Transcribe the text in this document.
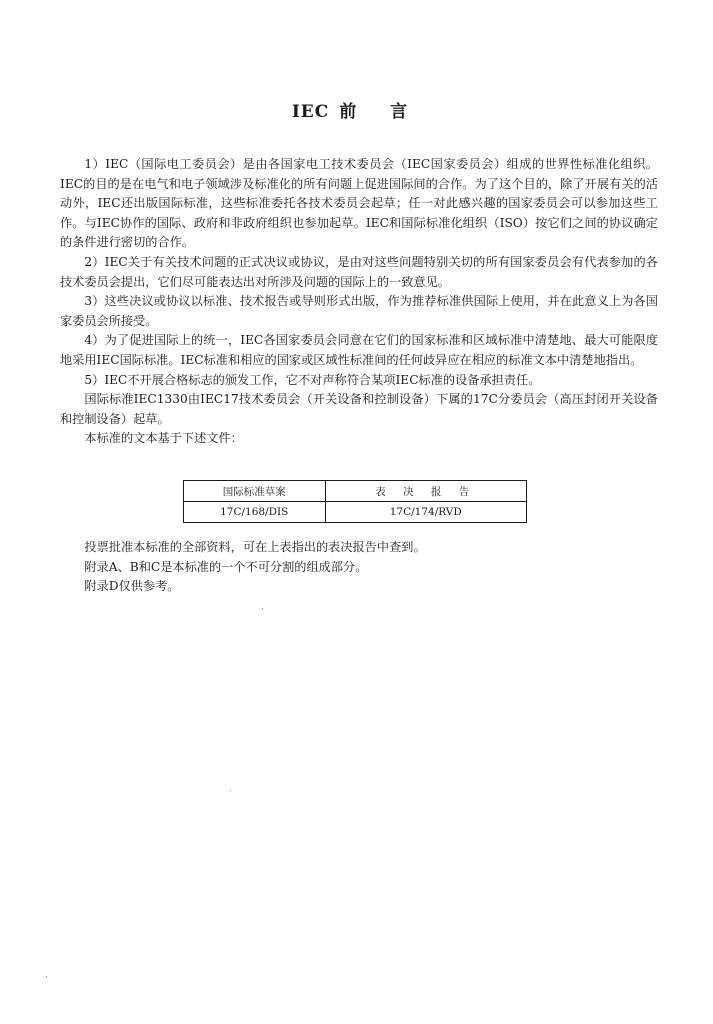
IEC 前 言

1）IEC（国际电工委员会）是由各国家电工技术委员会（IEC国家委员会）组成的世界性标准化组织。IEC的目的是在电气和电子领域涉及标准化的所有问题上促进国际间的合作。为了这个目的，除了开展有关的活动外，IEC还出版国际标准，这些标准委托各技术委员会起草；任一对此感兴趣的国家委员会可以参加这些工作。与IEC协作的国际、政府和非政府组织也参加起草。IEC和国际标准化组织（ISO）按它们之间的协议确定的条件进行密切的合作。

2）IEC关于有关技术问题的正式决议或协议，是由对这些问题特别关切的所有国家委员会有代表参加的各技术委员会提出，它们尽可能表达出对所涉及问题的国际上的一致意见。

3）这些决议或协议以标准、技术报告或导则形式出版，作为推荐标准供国际上使用，并在此意义上为各国家委员会所接受。

4）为了促进国际上的统一，IEC各国家委员会同意在它们的国家标准和区域标准中清楚地、最大可能限度地采用IEC国际标准。IEC标准和相应的国家或区域性标准间的任何歧异应在相应的标准文本中清楚地指出。

5）IEC不开展合格标志的颁发工作，它不对声称符合某项IEC标准的设备承担责任。

国际标准IEC1330由IEC17技术委员会（开关设备和控制设备）下属的17C分委员会（高压封闭开关设备和控制设备）起草。

本标准的文本基于下述文件：

国际标准草案	表 决 报 告
17C/168/DIS	17C/174/RVD

投票批准本标准的全部资料，可在上表指出的表决报告中查到。

附录A、B和C是本标准的一个不可分割的组成部分。

附录D仅供参考。
